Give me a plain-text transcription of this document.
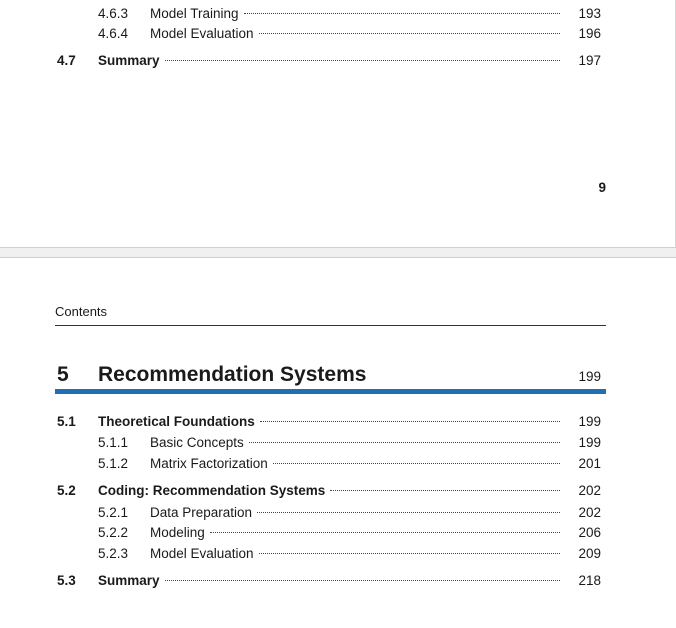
4.6.3 Model Training	193
4.6.4 Model Evaluation	196
4.7 Summary	197
9
Contents
5 Recommendation Systems	199
5.1 Theoretical Foundations	199
5.1.1 Basic Concepts	199
5.1.2 Matrix Factorization	201
5.2 Coding: Recommendation Systems	202
5.2.1 Data Preparation	202
5.2.2 Modeling	206
5.2.3 Model Evaluation	209
5.3 Summary	218
